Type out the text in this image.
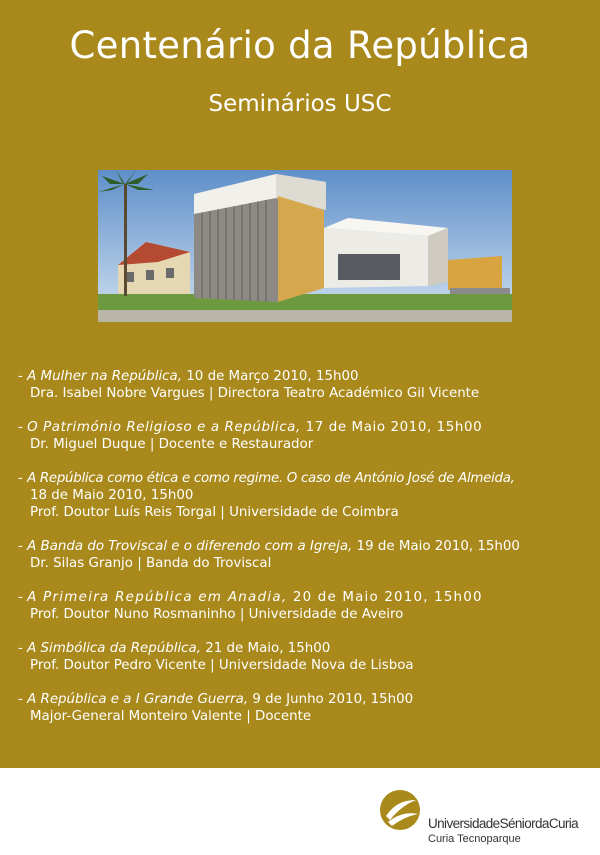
Centenário da República
Seminários USC
- A Mulher na República, 10 de Março 2010, 15h00
Dra. Isabel Nobre Vargues | Directora Teatro Académico Gil Vicente
- O Património Religioso e a República, 17 de Maio 2010, 15h00
Dr. Miguel Duque | Docente e Restaurador
- A República como ética e como regime. O caso de António José de Almeida,
18 de Maio 2010, 15h00
Prof. Doutor Luís Reis Torgal | Universidade de Coimbra
- A Banda do Troviscal e o diferendo com a Igreja, 19 de Maio 2010, 15h00
Dr. Silas Granjo | Banda do Troviscal
- A Primeira República em Anadia, 20 de Maio 2010, 15h00
Prof. Doutor Nuno Rosmaninho | Universidade de Aveiro
- A Simbólica da República, 21 de Maio, 15h00
Prof. Doutor Pedro Vicente | Universidade Nova de Lisboa
- A República e a I Grande Guerra, 9 de Junho 2010, 15h00
Major-General Monteiro Valente | Docente
UniversidadeSéniordaCuria
Curia Tecnoparque
